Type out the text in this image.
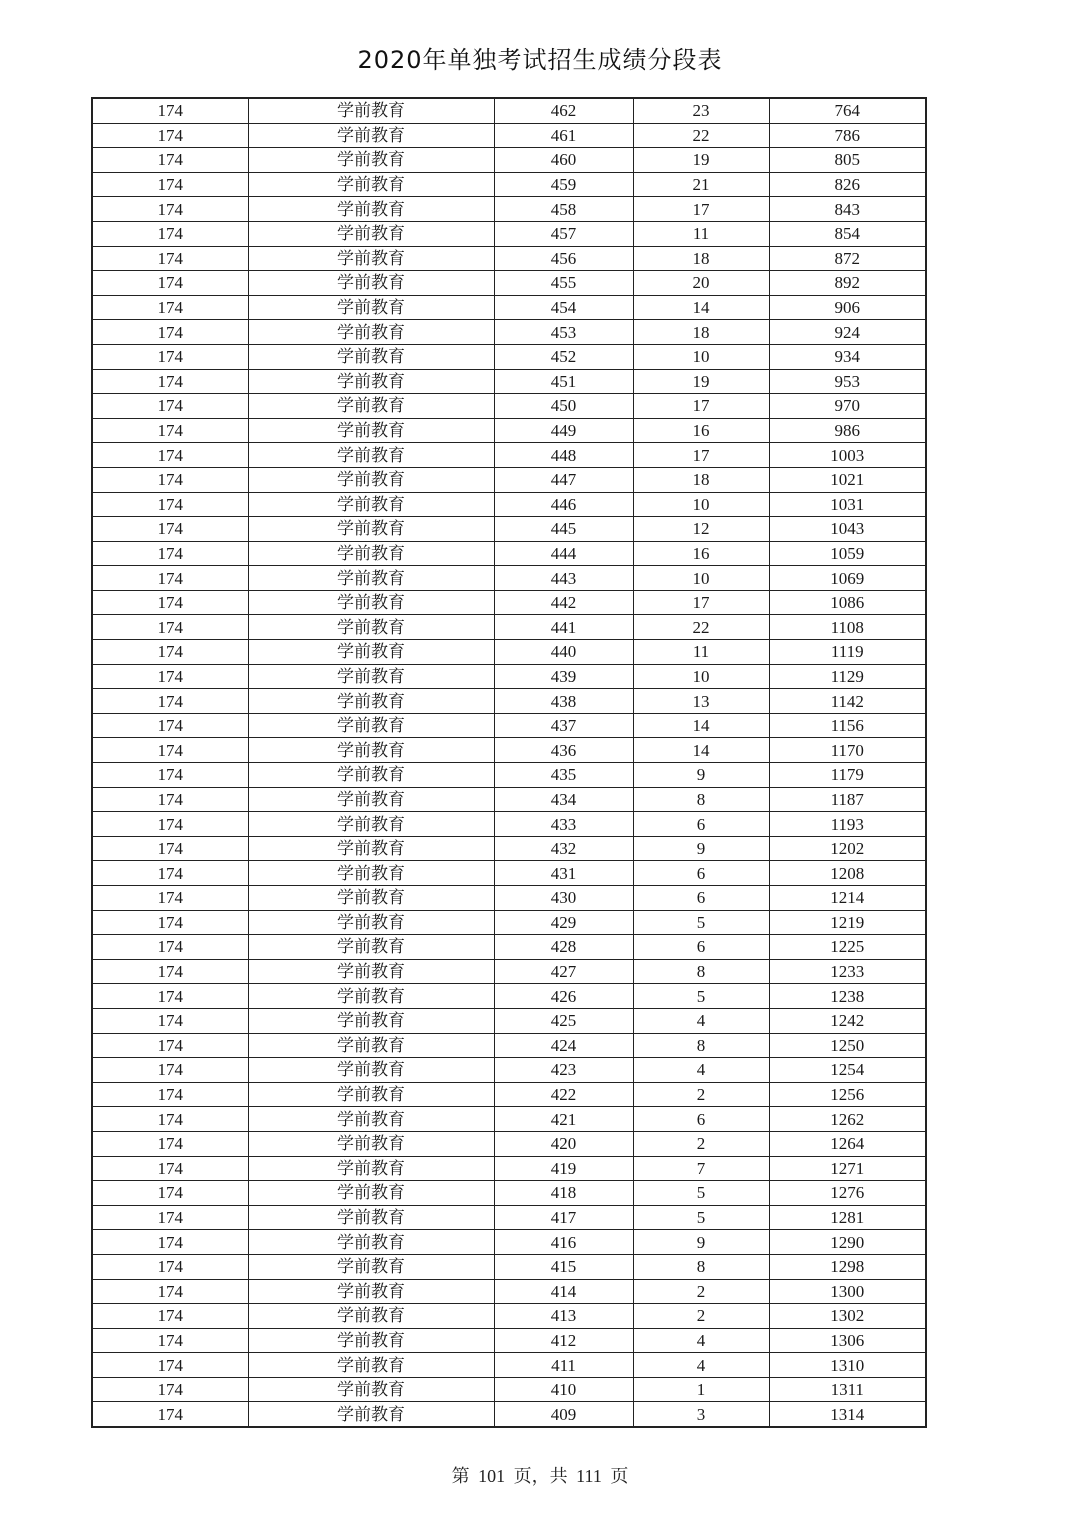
2020年单独考试招生成绩分段表
174	学前教育	462	23	764
174	学前教育	461	22	786
174	学前教育	460	19	805
174	学前教育	459	21	826
174	学前教育	458	17	843
174	学前教育	457	11	854
174	学前教育	456	18	872
174	学前教育	455	20	892
174	学前教育	454	14	906
174	学前教育	453	18	924
174	学前教育	452	10	934
174	学前教育	451	19	953
174	学前教育	450	17	970
174	学前教育	449	16	986
174	学前教育	448	17	1003
174	学前教育	447	18	1021
174	学前教育	446	10	1031
174	学前教育	445	12	1043
174	学前教育	444	16	1059
174	学前教育	443	10	1069
174	学前教育	442	17	1086
174	学前教育	441	22	1108
174	学前教育	440	11	1119
174	学前教育	439	10	1129
174	学前教育	438	13	1142
174	学前教育	437	14	1156
174	学前教育	436	14	1170
174	学前教育	435	9	1179
174	学前教育	434	8	1187
174	学前教育	433	6	1193
174	学前教育	432	9	1202
174	学前教育	431	6	1208
174	学前教育	430	6	1214
174	学前教育	429	5	1219
174	学前教育	428	6	1225
174	学前教育	427	8	1233
174	学前教育	426	5	1238
174	学前教育	425	4	1242
174	学前教育	424	8	1250
174	学前教育	423	4	1254
174	学前教育	422	2	1256
174	学前教育	421	6	1262
174	学前教育	420	2	1264
174	学前教育	419	7	1271
174	学前教育	418	5	1276
174	学前教育	417	5	1281
174	学前教育	416	9	1290
174	学前教育	415	8	1298
174	学前教育	414	2	1300
174	学前教育	413	2	1302
174	学前教育	412	4	1306
174	学前教育	411	4	1310
174	学前教育	410	1	1311
174	学前教育	409	3	1314
第 101 页，共 111 页
